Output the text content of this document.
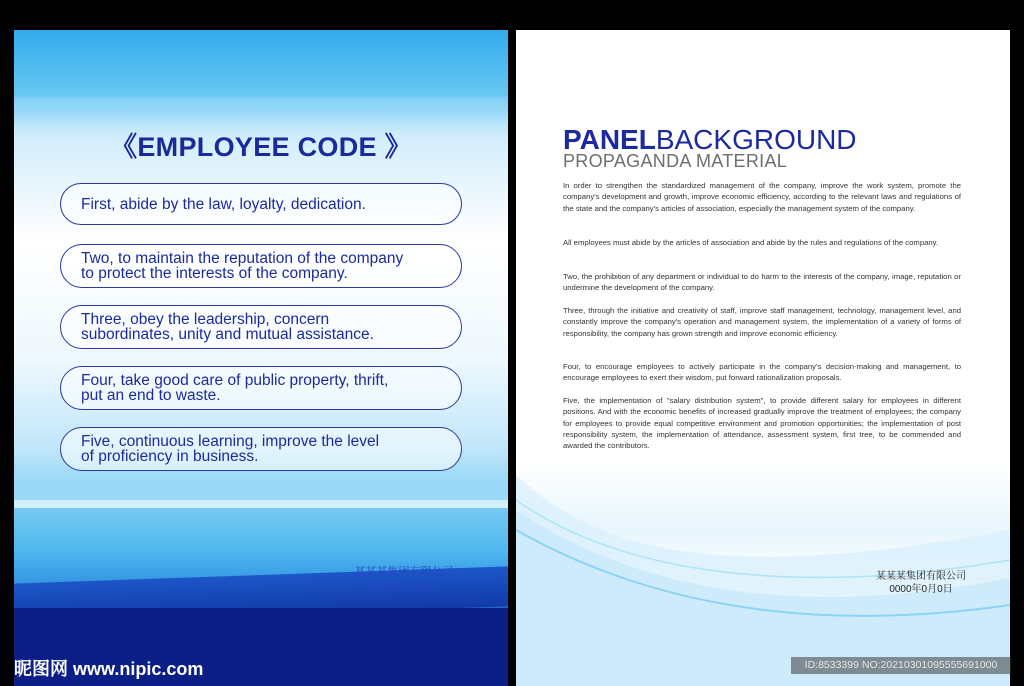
《EMPLOYEE CODE 》
First, abide by the law, loyalty, dedication.
Two, to maintain the reputation of the company
to protect the interests of the company.
Three, obey the leadership, concern
subordinates, unity and mutual assistance.
Four, take good care of public property, thrift,
put an end to waste.
Five, continuous learning, improve the level
of proficiency in business.
某某某集团有限公司
0000年0月0日
PANELBACKGROUND
PROPAGANDA MATERIAL
In order to strengthen the standardized management of the company, improve the work system, promote the company's development and growth, improve economic efficiency, according to the relevant laws and regulations of the state and the company's articles of association, especially the management system of the company.
All employees must abide by the articles of association and abide by the rules and regulations of the company.
Two, the prohibition of any department or individual to do harm to the interests of the company, image, reputation or undermine the development of the company.
Three, through the initiative and creativity of staff, improve staff management, technology, management level, and constantly improve the company's operation and management system, the implementation of a variety of forms of responsibility, the company has grown strength and improve economic efficiency.
Four, to encourage employees to actively participate in the company's decision-making and management, to encourage employees to exert their wisdom, put forward rationalization proposals.
Five, the implementation of "salary distribution system", to provide different salary for employees in different positions. And with the economic benefits of increased gradually improve the treatment of employees; the company for employees to provide equal competitive environment and promotion opportunities; the implementation of post responsibility system, the implementation of attendance, assessment system, first tree, to be commended and awarded the contributors.
某某某集团有限公司
0000年0月0日
昵图网 www.nipic.com	ID:8533399 NO:20210301095555691000
